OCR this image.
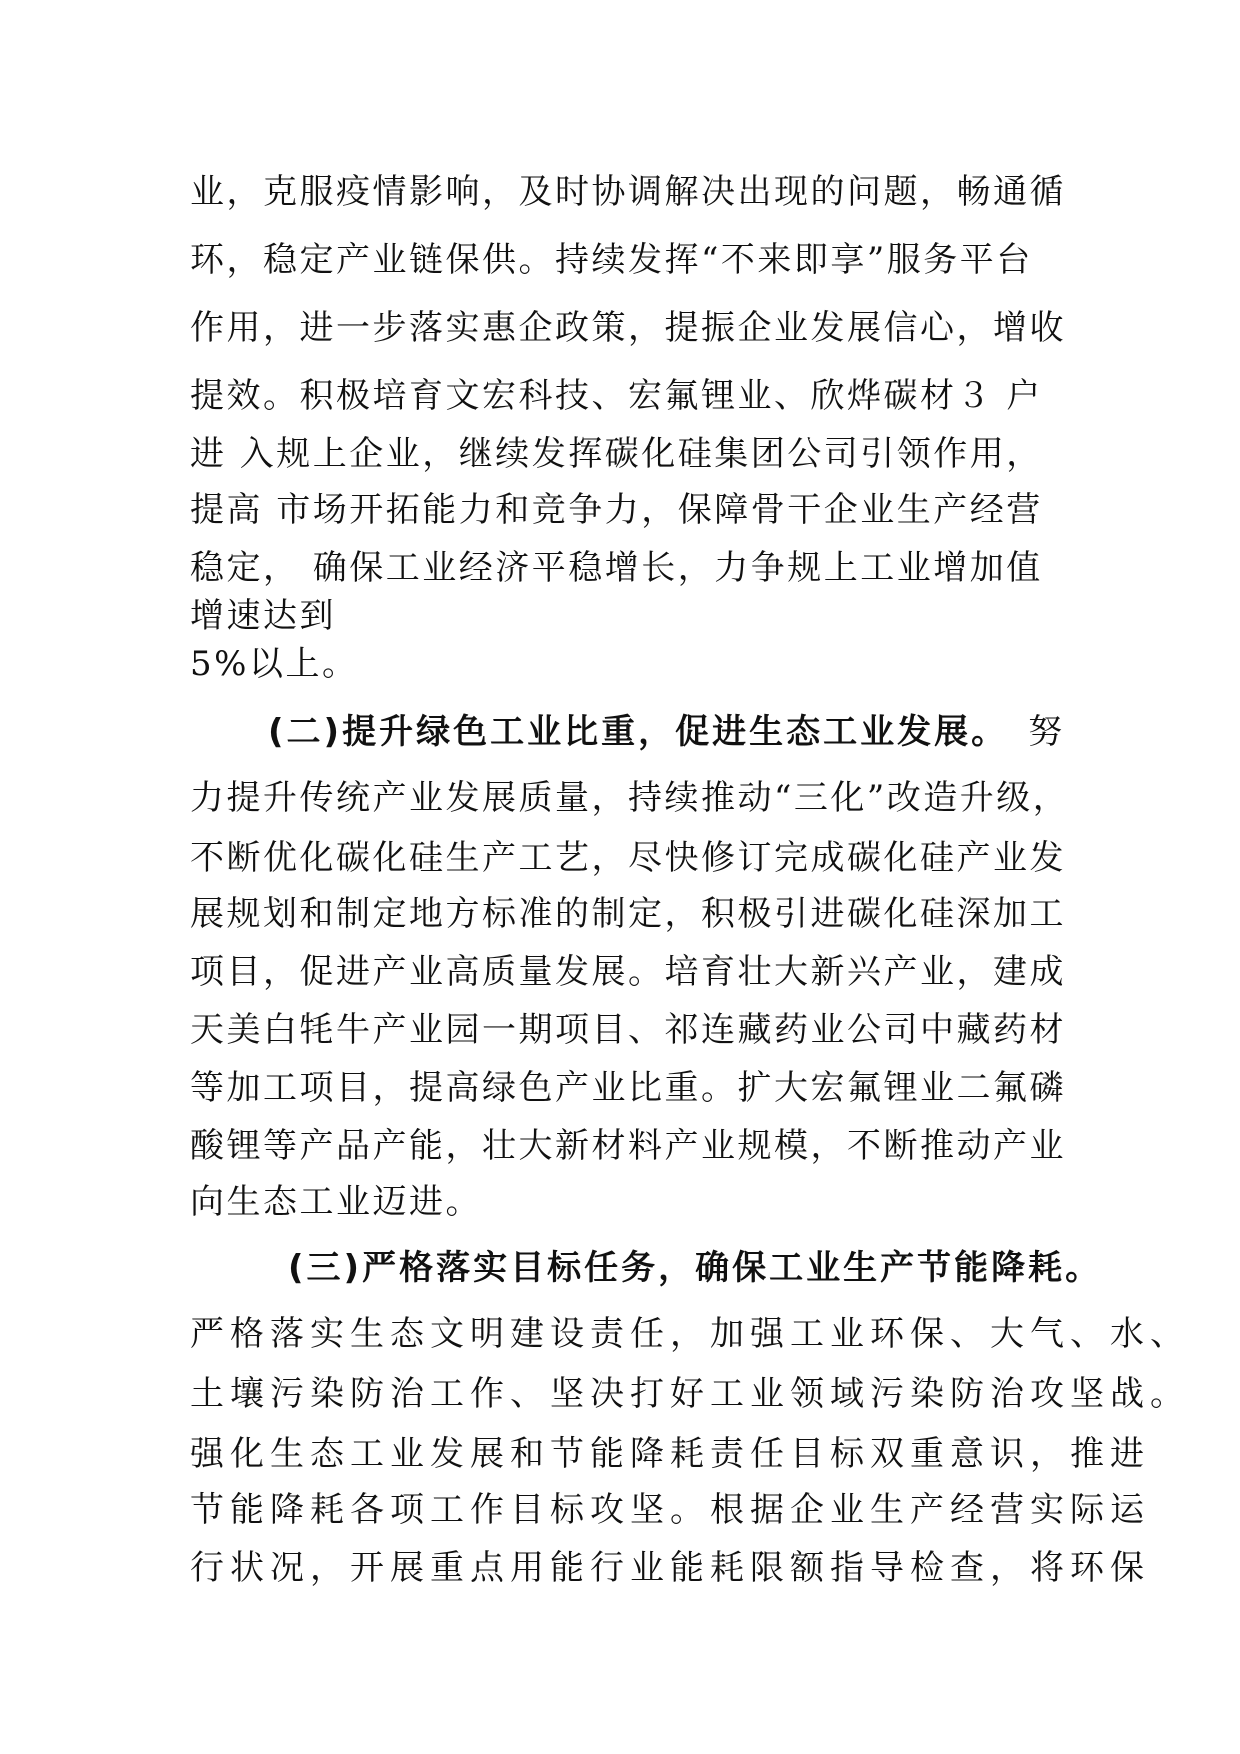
业，克服疫情影响，及时协调解决出现的问题，畅通循
环，稳定产业链保供。持续发挥“不来即享”服务平台
作用，进一步落实惠企政策，提振企业发展信心，增收
提效。积极培育文宏科技、宏氟锂业、欣烨碳材３ 户
进 入规上企业，继续发挥碳化硅集团公司引领作用，
提高 市场开拓能力和竞争力，保障骨干企业生产经营
稳定， 确保工业经济平稳增长，力争规上工业增加值
增速达到
5%以上。
(二)提升绿色工业比重，促进生态工业发展。 努
力提升传统产业发展质量，持续推动“三化”改造升级，
不断优化碳化硅生产工艺，尽快修订完成碳化硅产业发
展规划和制定地方标准的制定，积极引进碳化硅深加工
项目，促进产业高质量发展。培育壮大新兴产业，建成
天美白牦牛产业园一期项目、祁连藏药业公司中藏药材
等加工项目，提高绿色产业比重。扩大宏氟锂业二氟磷
酸锂等产品产能，壮大新材料产业规模，不断推动产业
向生态工业迈进。
(三)严格落实目标任务，确保工业生产节能降耗。
严格落实生态文明建设责任，加强工业环保、大气、水、
土壤污染防治工作、坚决打好工业领域污染防治攻坚战。
强化生态工业发展和节能降耗责任目标双重意识，推进
节能降耗各项工作目标攻坚。根据企业生产经营实际运
行状况，开展重点用能行业能耗限额指导检查，将环保
